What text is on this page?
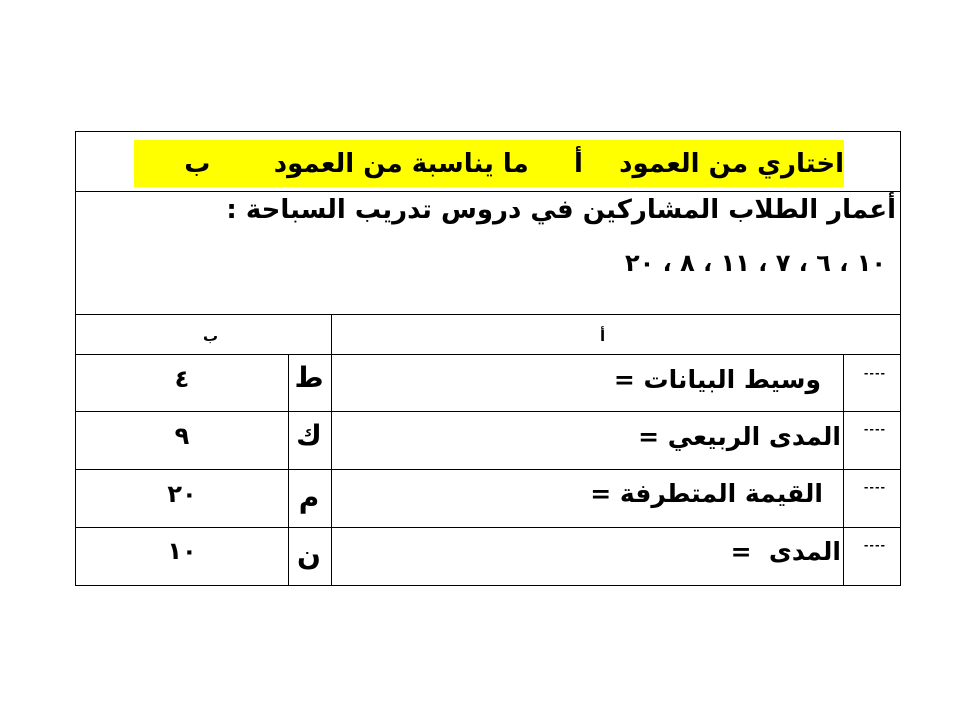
اختاري من العمود    أ     ما يناسبة من العمود       ب
أعمار الطلاب المشاركين في دروس تدريب السباحة :
١٠ ، ٦ ، ٧ ، ١١ ، ٨ ، ٢٠
أ
ب
----
وسيط البيانات =
ط
٤
----
المدى الربيعي =
ك
٩
----
القيمة المتطرفة =
م
٢٠
----
المدى  =
ن
١٠
